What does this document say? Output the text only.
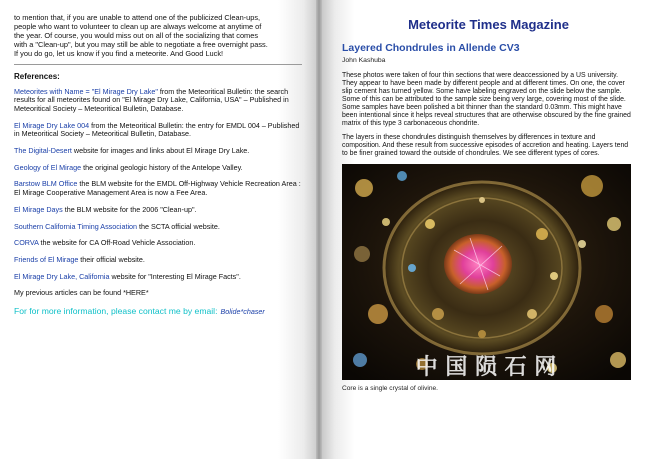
to mention that, if you are unable to attend one of the publicized Clean-ups,
people who want to volunteer to clean up are always welcome at anytime of
the year. Of course, you would miss out on all of the socializing that comes
with a "Clean-up", but you may still be able to negotiate a free overnight pass.
If you do go, let us know if you find a meteorite. And Good Luck!

References:

Meteorites with Name = "El Mirage Dry Lake" from the Meteoritical Bulletin: the search results for all meteorites found on "El Mirage Dry Lake, California, USA" – Published in Meteoritical Society – Meteoritical Bulletin, Database.

El Mirage Dry Lake 004 from the Meteoritical Bulletin: the entry for EMDL 004 – Published in Meteoritical Society – Meteoritical Bulletin, Database.

The Digital-Desert website for images and links about El Mirage Dry Lake.

Geology of El Mirage the original geologic history of the Antelope Valley.

Barstow BLM Office the BLM website for the EMDL Off-Highway Vehicle Recreation Area : El Mirage Cooperative Management Area is now a Fee Area.

El Mirage Days the BLM website for the 2006 "Clean-up".

Southern California Timing Association the SCTA official website.

CORVA the website for CA Off-Road Vehicle Association.

Friends of El Mirage their official website.

El Mirage Dry Lake, California website for "Interesting El Mirage Facts".

My previous articles can be found *HERE*

For for more information, please contact me by email: Bolide*chaser

Meteorite Times Magazine
Layered Chondrules in Allende CV3
John Kashuba

These photos were taken of four thin sections that were deaccessioned by a US university. They appear to have been made by different people and at different times. On one, the cover slip cement has turned yellow. Some have labeling engraved on the slide below the sample. Some of this can be attributed to the sample size being very large, covering most of the slide. Some samples have been polished a bit thinner than the standard 0.03mm. This might have been intentional since it helps reveal structures that are otherwise obscured by the fine grained matrix of this type 3 carbonaceous chondrite.

The layers in these chondrules distinguish themselves by differences in texture and composition. And these result from successive episodes of accretion and heating. Layers tend to be finer grained toward the outside of chondrules. We see different types of cores.

中 国 陨 石 网
Core is a single crystal of olivine.
